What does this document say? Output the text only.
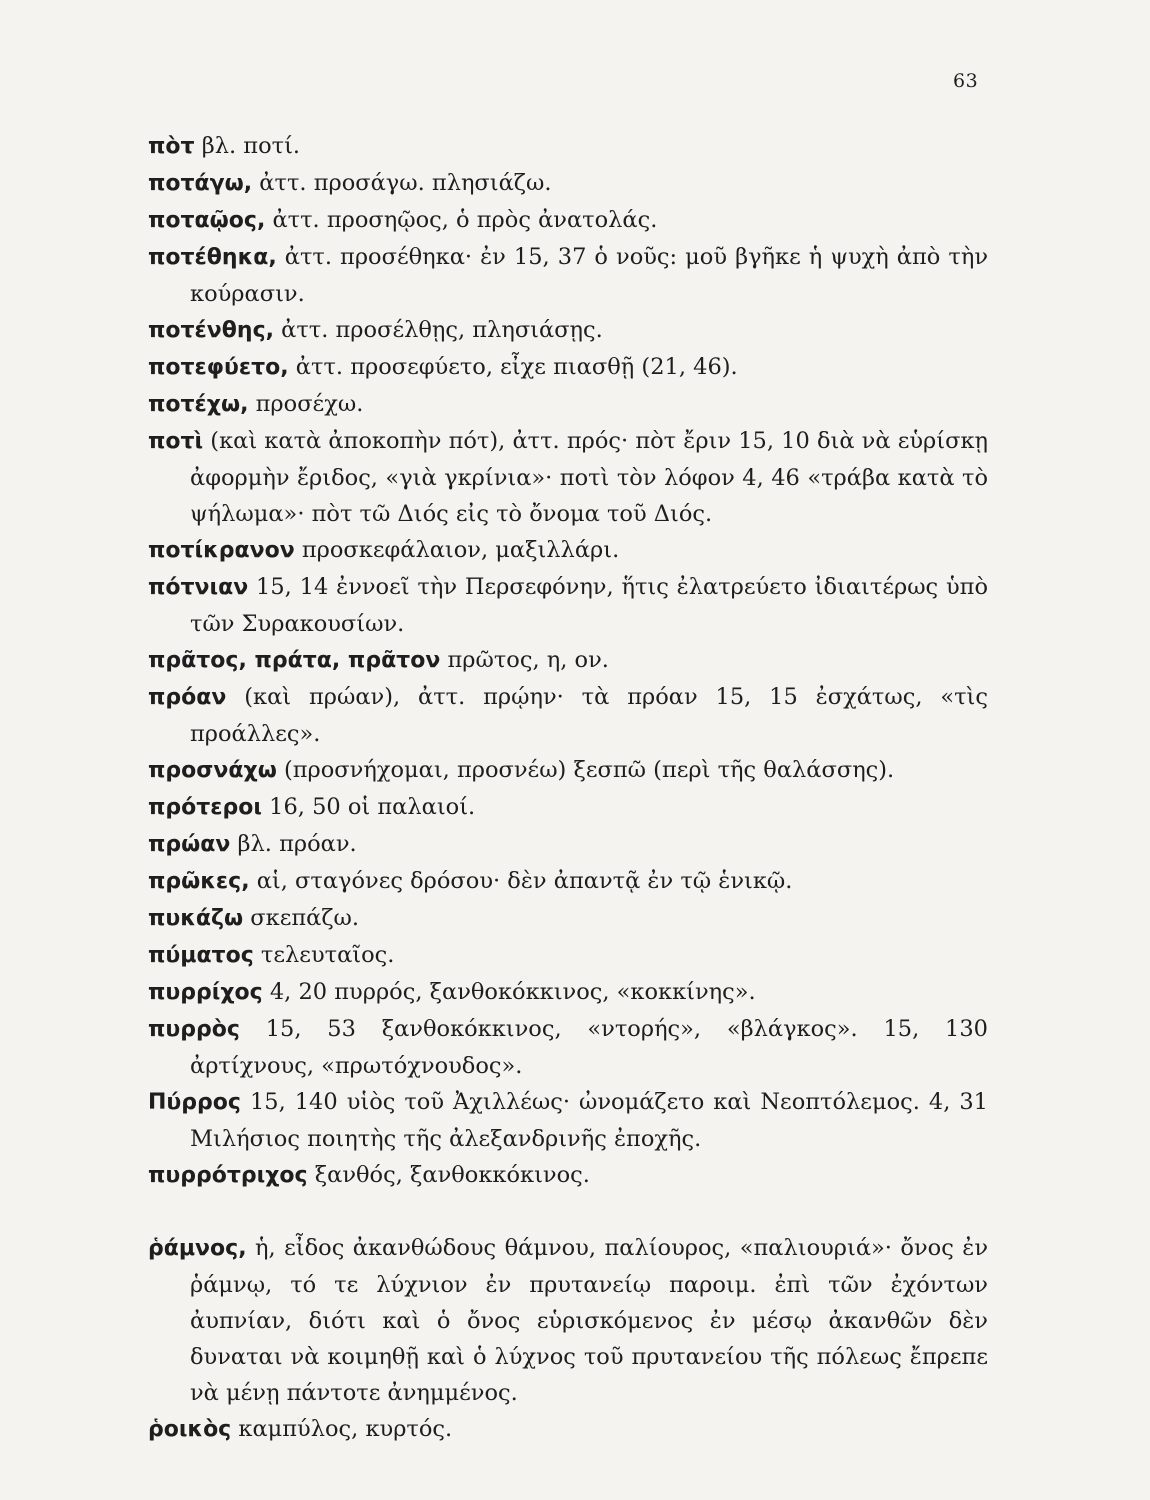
63
πὸτ βλ. ποτί.
ποτάγω, ἀττ. προσάγω. πλησιάζω.
ποταῷος, ἀττ. προσηῷος, ὁ πρὸς ἀνατολάς.
ποτέθηκα, ἀττ. προσέθηκα· ἐν 15, 37 ὁ νοῦς: μοῦ βγῆκε ἡ ψυχὴ ἀπὸ τὴν κούρασιν.
ποτένθης, ἀττ. προσέλθῃς, πλησιάσῃς.
ποτεφύετο, ἀττ. προσεφύετο, εἶχε πιασθῇ (21, 46).
ποτέχω, προσέχω.
ποτὶ (καὶ κατὰ ἀποκοπὴν πότ), ἀττ. πρός· πὸτ ἔριν 15, 10 διὰ νὰ εὑρίσκῃ ἀφορμὴν ἔριδος, «γιὰ γκρίνια»· ποτὶ τὸν λόφον 4, 46 «τράβα κατὰ τὸ ψήλωμα»· πὸτ τῶ Διός εἰς τὸ ὄνομα τοῦ Διός.
ποτίκρανον προσκεφάλαιον, μαξιλλάρι.
πότνιαν 15, 14 ἐννοεῖ τὴν Περσεφόνην, ἥτις ἐλατρεύετο ἰδιαιτέρως ὑπὸ τῶν Συρακουσίων.
πρᾶτος, πράτα, πρᾶτον πρῶτος, η, ον.
πρόαν (καὶ πρώαν), ἀττ. πρῴην· τὰ πρόαν 15, 15 ἐσχάτως, «τὶς προάλλες».
προσνάχω (προσνήχομαι, προσνέω) ξεσπῶ (περὶ τῆς θαλάσσης).
πρότεροι 16, 50 οἱ παλαιοί.
πρώαν βλ. πρόαν.
πρῶκες, αἱ, σταγόνες δρόσου· δὲν ἀπαντᾷ ἐν τῷ ἑνικῷ.
πυκάζω σκεπάζω.
πύματος τελευταῖος.
πυρρίχος 4, 20 πυρρός, ξανθοκόκκινος, «κοκκίνης».
πυρρὸς 15, 53 ξανθοκόκκινος, «ντορής», «βλάγκος». 15, 130 ἀρτίχνους, «πρωτόχνουδος».
Πύρρος 15, 140 υἱὸς τοῦ Ἀχιλλέως· ὠνομάζετο καὶ Νεοπτόλεμος. 4, 31 Μιλήσιος ποιητὴς τῆς ἀλεξανδρινῆς ἐποχῆς.
πυρρότριχος ξανθός, ξανθοκκόκινος.
ῥάμνος, ἡ, εἶδος ἀκανθώδους θάμνου, παλίουρος, «παλιουριά»· ὄνος ἐν ῥάμνῳ, τό τε λύχνιον ἐν πρυτανείῳ παροιμ. ἐπὶ τῶν ἐχόντων ἀυπνίαν, διότι καὶ ὁ ὄνος εὑρισκόμενος ἐν μέσῳ ἀκανθῶν δὲν δυναται νὰ κοιμηθῇ καὶ ὁ λύχνος τοῦ πρυτανείου τῆς πόλεως ἔπρεπε νὰ μένῃ πάντοτε ἀνημμένος.
ῥοικὸς καμπύλος, κυρτός.
